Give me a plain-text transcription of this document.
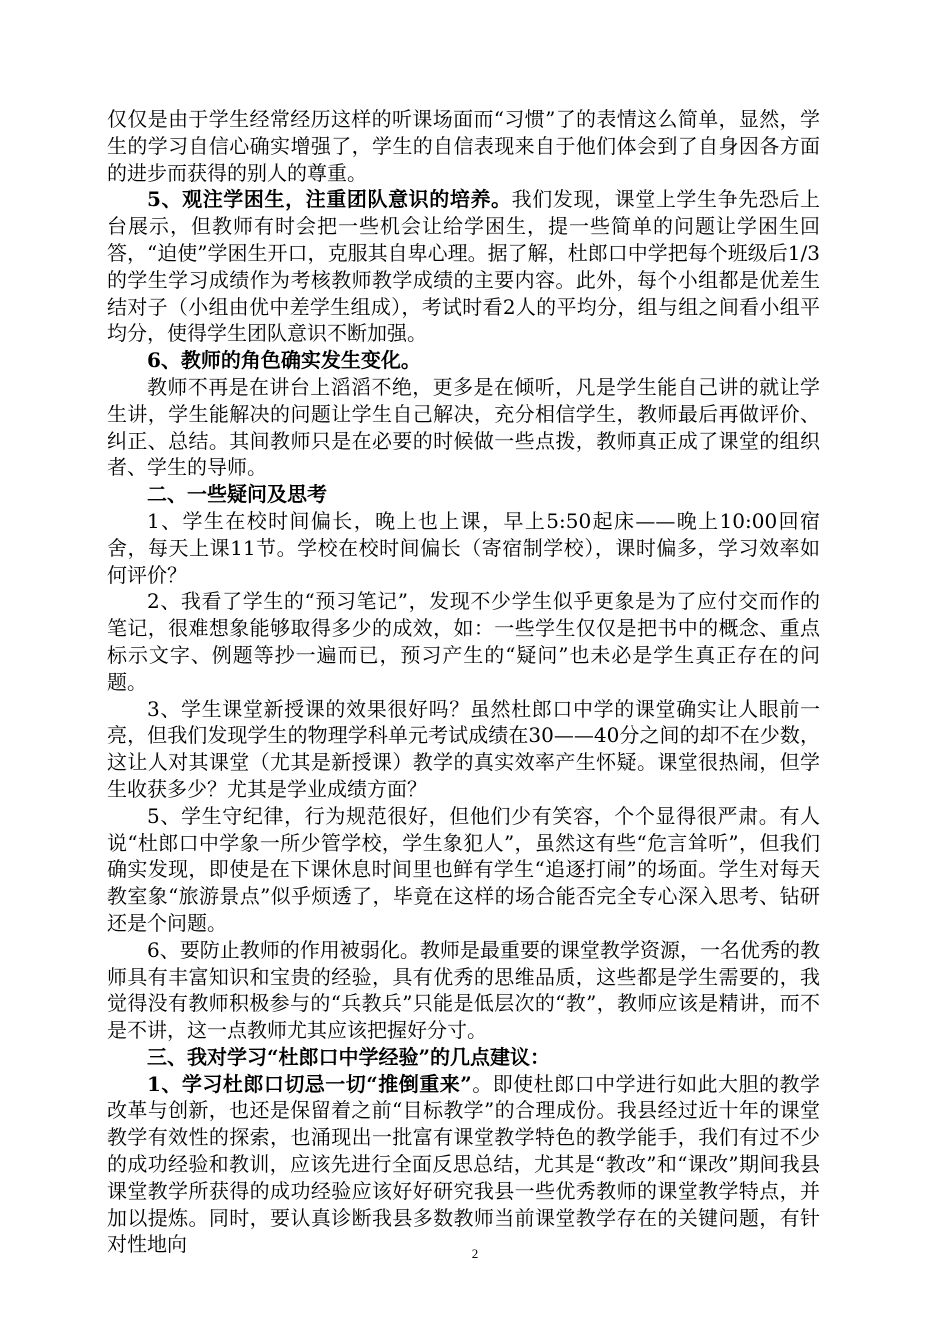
仅仅是由于学生经常经历这样的听课场面而“习惯”了的表情这么简单，显然，学生的学习自信心确实增强了，学生的自信表现来自于他们体会到了自身因各方面的进步而获得的别人的尊重。

5、观注学困生，注重团队意识的培养。我们发现，课堂上学生争先恐后上台展示，但教师有时会把一些机会让给学困生，提一些简单的问题让学困生回答，“迫使”学困生开口，克服其自卑心理。据了解，杜郎口中学把每个班级后1/3的学生学习成绩作为考核教师教学成绩的主要内容。此外，每个小组都是优差生结对子（小组由优中差学生组成），考试时看2人的平均分，组与组之间看小组平均分，使得学生团队意识不断加强。

6、教师的角色确实发生变化。

教师不再是在讲台上滔滔不绝，更多是在倾听，凡是学生能自己讲的就让学生讲，学生能解决的问题让学生自己解决，充分相信学生，教师最后再做评价、纠正、总结。其间教师只是在必要的时候做一些点拨，教师真正成了课堂的组织者、学生的导师。

二、一些疑问及思考

1、学生在校时间偏长，晚上也上课，早上5:50起床——晚上10:00回宿舍，每天上课11节。学校在校时间偏长（寄宿制学校），课时偏多，学习效率如何评价？

2、我看了学生的“预习笔记”，发现不少学生似乎更象是为了应付交而作的笔记，很难想象能够取得多少的成效，如：一些学生仅仅是把书中的概念、重点标示文字、例题等抄一遍而已，预习产生的“疑问”也未必是学生真正存在的问题。

3、学生课堂新授课的效果很好吗？虽然杜郎口中学的课堂确实让人眼前一亮，但我们发现学生的物理学科单元考试成绩在30——40分之间的却不在少数，这让人对其课堂（尤其是新授课）教学的真实效率产生怀疑。课堂很热闹，但学生收获多少？尤其是学业成绩方面？

5、学生守纪律，行为规范很好，但他们少有笑容，个个显得很严肃。有人说“杜郎口中学象一所少管学校，学生象犯人”，虽然这有些“危言耸听”，但我们确实发现，即使是在下课休息时间里也鲜有学生“追逐打闹”的场面。学生对每天教室象“旅游景点”似乎烦透了，毕竟在这样的场合能否完全专心深入思考、钻研还是个问题。

6、要防止教师的作用被弱化。教师是最重要的课堂教学资源，一名优秀的教师具有丰富知识和宝贵的经验，具有优秀的思维品质，这些都是学生需要的，我觉得没有教师积极参与的“兵教兵”只能是低层次的“教”，教师应该是精讲，而不是不讲，这一点教师尤其应该把握好分寸。

三、我对学习“杜郎口中学经验”的几点建议：

1、学习杜郎口切忌一切“推倒重来”。即使杜郎口中学进行如此大胆的教学改革与创新，也还是保留着之前“目标教学”的合理成份。我县经过近十年的课堂教学有效性的探索，也涌现出一批富有课堂教学特色的教学能手，我们有过不少的成功经验和教训，应该先进行全面反思总结，尤其是“教改”和“课改”期间我县课堂教学所获得的成功经验应该好好研究我县一些优秀教师的课堂教学特点，并加以提炼。同时，要认真诊断我县多数教师当前课堂教学存在的关键问题，有针对性地向	2
